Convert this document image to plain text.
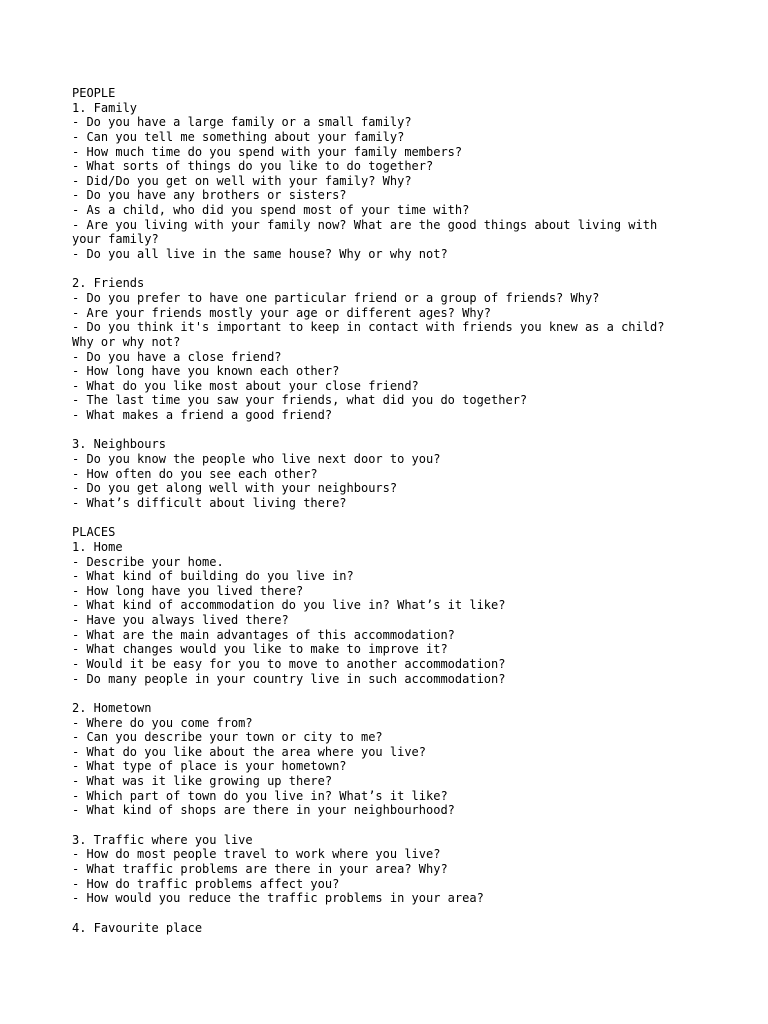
PEOPLE
1. Family
- Do you have a large family or a small family?
- Can you tell me something about your family?
- How much time do you spend with your family members?
- What sorts of things do you like to do together?
- Did/Do you get on well with your family? Why?
- Do you have any brothers or sisters?
- As a child, who did you spend most of your time with?
- Are you living with your family now? What are the good things about living with
your family?
- Do you all live in the same house? Why or why not?
2. Friends
- Do you prefer to have one particular friend or a group of friends? Why?
- Are your friends mostly your age or different ages? Why?
- Do you think it's important to keep in contact with friends you knew as a child?
Why or why not?
- Do you have a close friend?
- How long have you known each other?
- What do you like most about your close friend?
- The last time you saw your friends, what did you do together?
- What makes a friend a good friend?
3. Neighbours
- Do you know the people who live next door to you?
- How often do you see each other?
- Do you get along well with your neighbours?
- What’s difficult about living there?
PLACES
1. Home
- Describe your home.
- What kind of building do you live in?
- How long have you lived there?
- What kind of accommodation do you live in? What’s it like?
- Have you always lived there?
- What are the main advantages of this accommodation?
- What changes would you like to make to improve it?
- Would it be easy for you to move to another accommodation?
- Do many people in your country live in such accommodation?
2. Hometown
- Where do you come from?
- Can you describe your town or city to me?
- What do you like about the area where you live?
- What type of place is your hometown?
- What was it like growing up there?
- Which part of town do you live in? What’s it like?
- What kind of shops are there in your neighbourhood?
3. Traffic where you live
- How do most people travel to work where you live?
- What traffic problems are there in your area? Why?
- How do traffic problems affect you?
- How would you reduce the traffic problems in your area?
4. Favourite place
